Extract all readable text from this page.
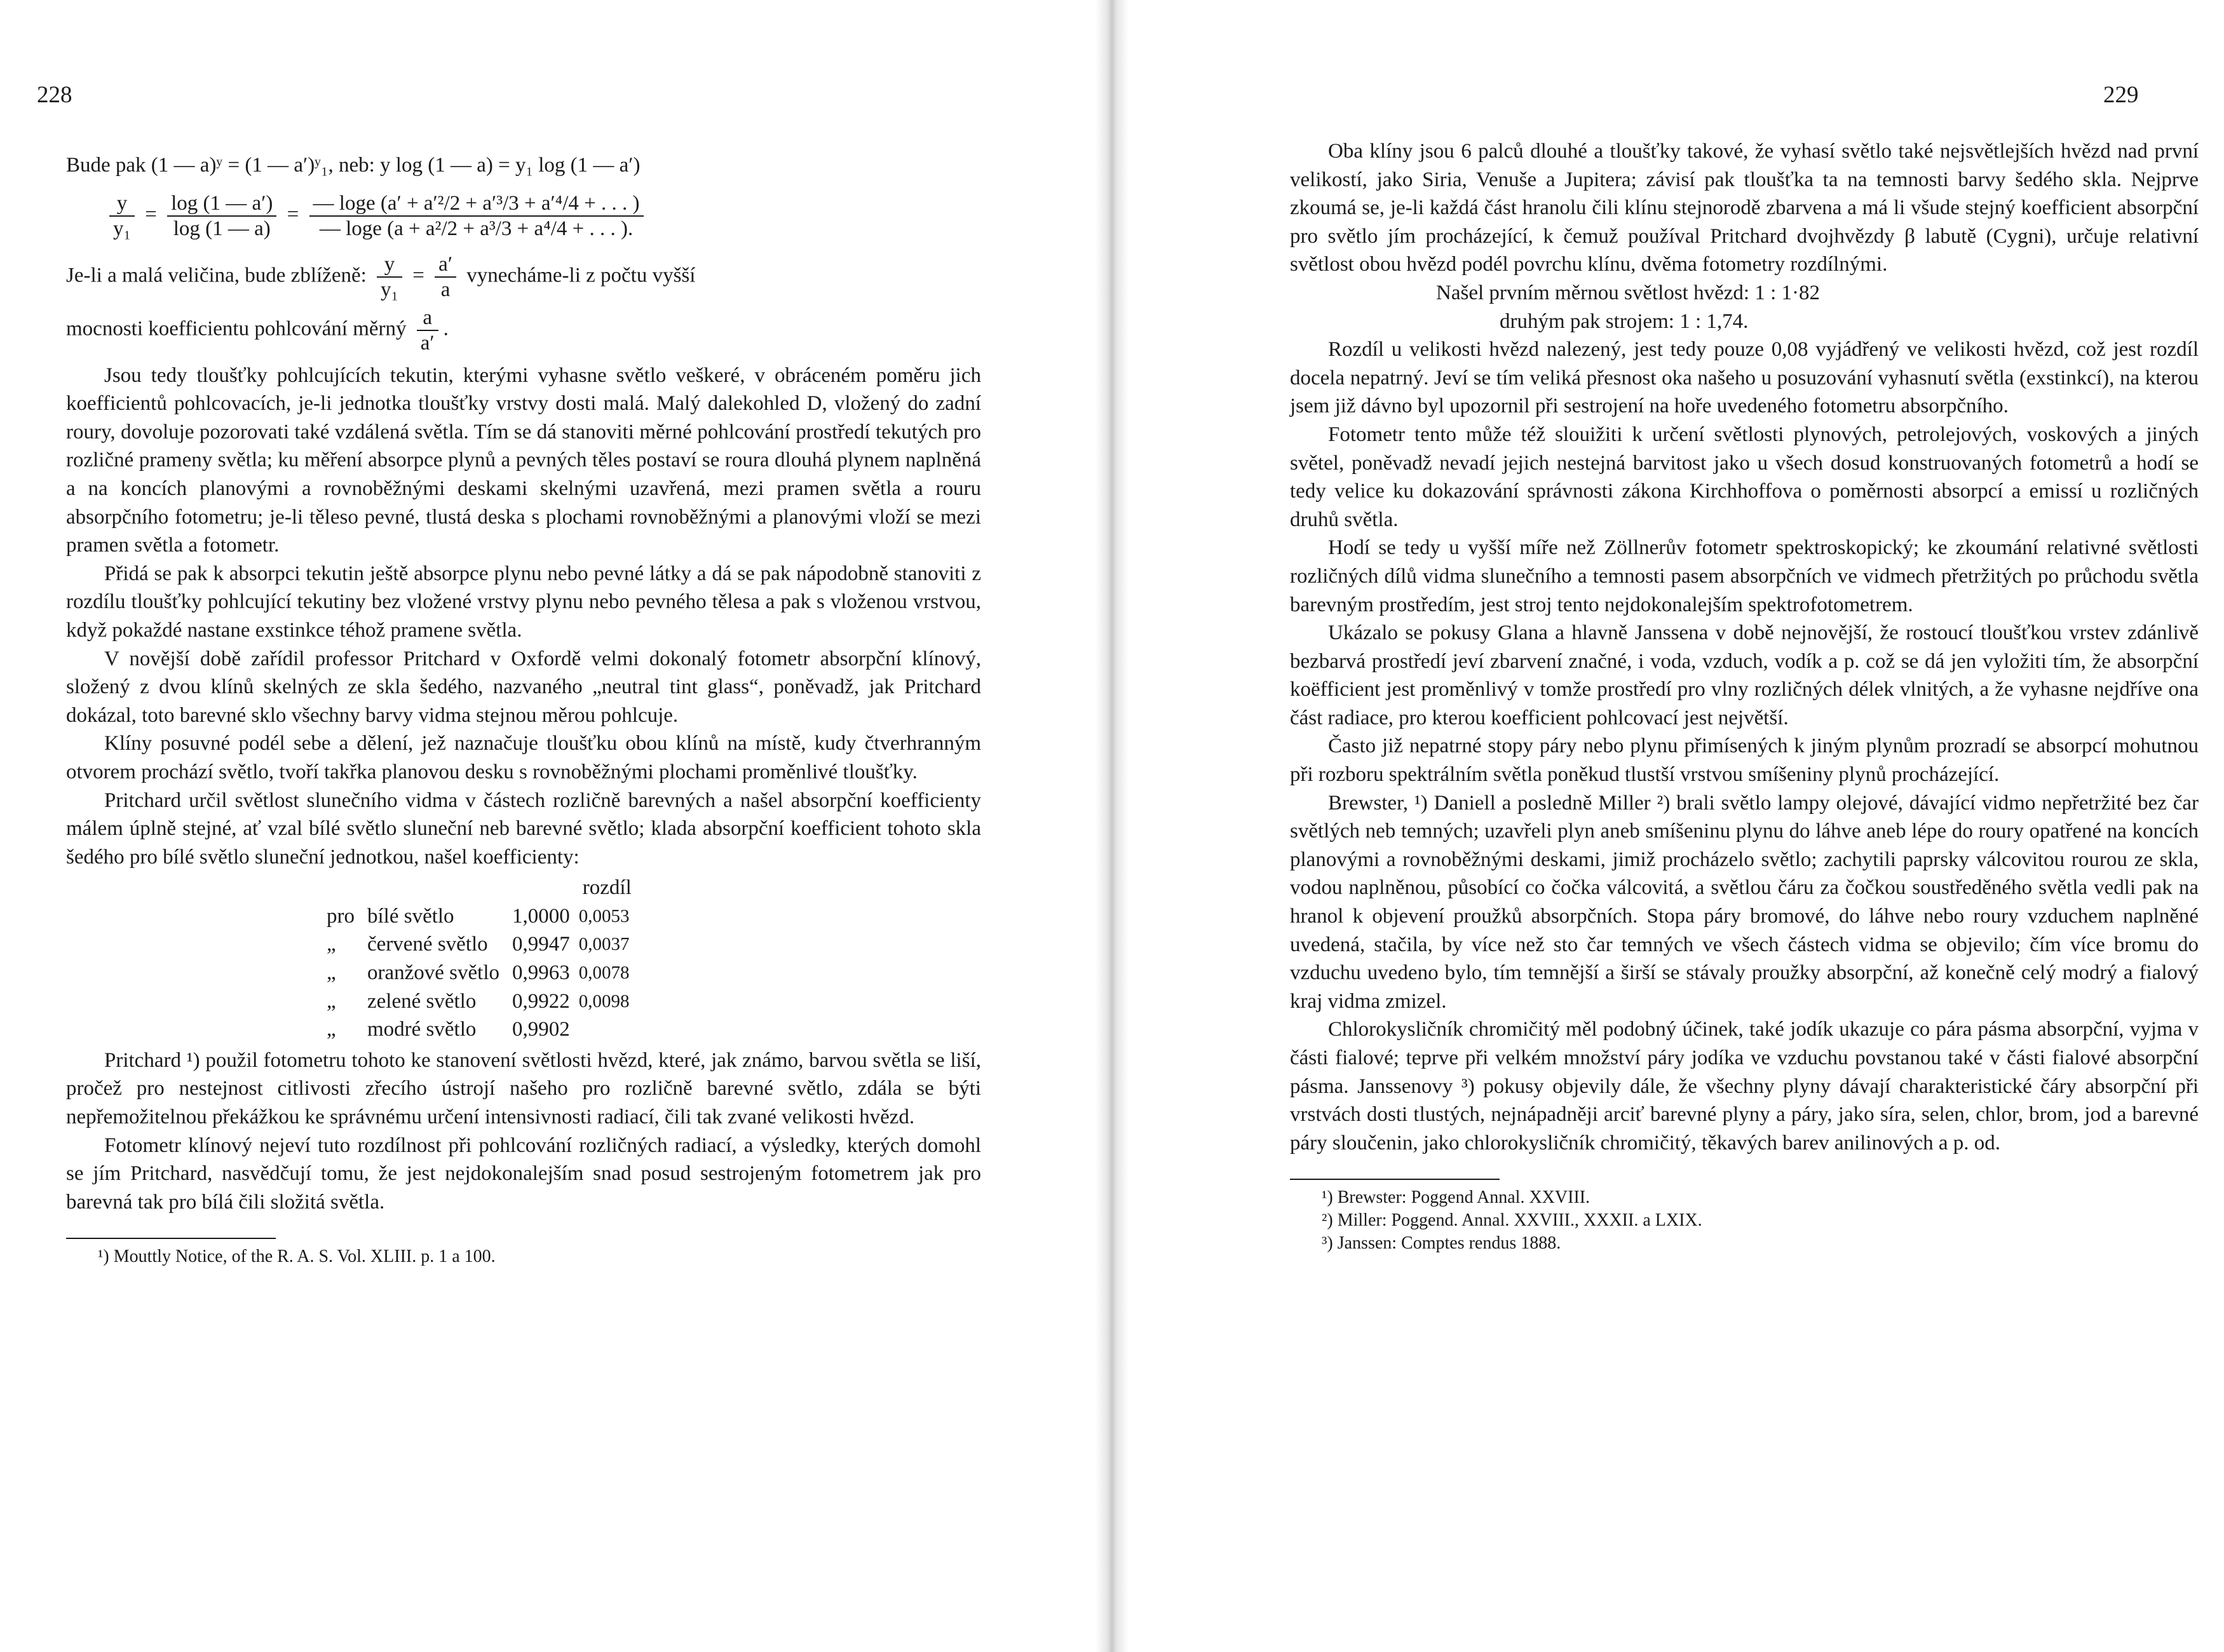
228
Bude pak (1 — a)ʸ = (1 — a′)ʸ₁, neb: y log (1 — a) = y₁ log (1 — a′)
$\frac{y}{\text{y₁}} = \frac{\log (1 — a')}{\log (1 — a)} = \frac{\text{— loge (a′ + a′²/2 + a′³/3 + a′⁴/4 + . . . )}}{\text{— loge (a + a²/2 + a³/3 + a⁴/4 + . . . ).}}$
Je-li a malá veličina, bude zblíženě: $\frac{y}{\text{y₁}} = \frac{a'}{a}$ vynecháme-li z počtu vyšší
mocnosti koefficientu pohlcování měrný $\frac{a}{a'}$ .

Jsou tedy tloušťky pohlcujících tekutin, kterými vyhasne světlo veškeré, v obráceném poměru jich koefficientů pohlcovacích, je-li jednotka tloušťky vrstvy dosti malá. Malý dalekohled D, vložený do zadní roury, dovoluje pozorovati také vzdálená světla. Tím se dá stanoviti měrné pohlcování prostředí tekutých pro rozličné prameny světla; ku měření absorpce plynů a pevných těles postaví se roura dlouhá plynem naplněná a na koncích planovými a rovnoběžnými deskami skelnými uzavřená, mezi pramen světla a rouru absorpčního fotometru; je-li těleso pevné, tlustá deska s plochami rovnoběžnými a planovými vloží se mezi pramen světla a fotometr.

Přidá se pak k absorpci tekutin ještě absorpce plynu nebo pevné látky a dá se pak nápodobně stanoviti z rozdílu tloušťky pohlcující tekutiny bez vložené vrstvy plynu nebo pevného tělesa a pak s vloženou vrstvou, když pokaždé nastane exstinkce téhož pramene světla.

V novější době zařídil professor Pritchard v Oxfordě velmi dokonalý fotometr absorpční klínový, složený z dvou klínů skelných ze skla šedého, nazvaného „neutral tint glass“, poněvadž, jak Pritchard dokázal, toto barevné sklo všechny barvy vidma stejnou měrou pohlcuje.

Klíny posuvné podél sebe a dělení, jež naznačuje tloušťku obou klínů na místě, kudy čtverhranným otvorem prochází světlo, tvoří takřka planovou desku s rovnoběžnými plochami proměnlivé tloušťky.

Pritchard určil světlost slunečního vidma v částech rozličně barevných a našel absorpční koefficienty málem úplně stejné, ať vzal bílé světlo sluneční neb barevné světlo; klada absorpční koefficient tohoto skla šedého pro bílé světlo sluneční jednotkou, našel koefficienty:

			rozdíl
pro	bílé světlo	1,0000	0,0053
„	červené světlo	0,9947	0,0037
„	oranžové světlo	0,9963	0,0078
„	zelené světlo	0,9922	0,0098
„	modré světlo	0,9902	

Pritchard ¹) použil fotometru tohoto ke stanovení světlosti hvězd, které, jak známo, barvou světla se liší, pročež pro nestejnost citlivosti zřecího ústrojí našeho pro rozličně barevné světlo, zdála se býti nepřemožitelnou překážkou ke správnému určení intensivnosti radiací, čili tak zvané velikosti hvězd.

Fotometr klínový nejeví tuto rozdílnost při pohlcování rozličných radiací, a výsledky, kterých domohl se jím Pritchard, nasvědčují tomu, že jest nejdokonalejším snad posud sestrojeným fotometrem jak pro barevná tak pro bílá čili složitá světla.

¹) Mouttly Notice, of the R. A. S. Vol. XLIII. p. 1 a 100.
229

Oba klíny jsou 6 palců dlouhé a tloušťky takové, že vyhasí světlo také nejsvětlejších hvězd nad první velikostí, jako Siria, Venuše a Jupitera; závisí pak tloušťka ta na temnosti barvy šedého skla. Nejprve zkoumá se, je-li každá část hranolu čili klínu stejnorodě zbarvena a má li všude stejný koefficient absorpční pro světlo jím procházející, k čemuž používal Pritchard dvojhvězdy β labutě (Cygni), určuje relativní světlost obou hvězd podél povrchu klínu, dvěma fotometry rozdílnými.

Našel prvním měrnou světlost hvězd: 1 : 1·82
druhým pak strojem: 1 : 1,74.

Rozdíl u velikosti hvězd nalezený, jest tedy pouze 0,08 vyjádřený ve velikosti hvězd, což jest rozdíl docela nepatrný. Jeví se tím veliká přesnost oka našeho u posuzování vyhasnutí světla (exstinkcí), na kterou jsem již dávno byl upozornil při sestrojení na hoře uvedeného fotometru absorpčního.

Fotometr tento může též slouižiti k určení světlosti plynových, petrolejových, voskových a jiných světel, poněvadž nevadí jejich nestejná barvitost jako u všech dosud konstruovaných fotometrů a hodí se tedy velice ku dokazování správnosti zákona Kirchhoffova o poměrnosti absorpcí a emissí u rozličných druhů světla.

Hodí se tedy u vyšší míře než Zöllnerův fotometr spektroskopický; ke zkoumání relativné světlosti rozličných dílů vidma slunečního a temnosti pasem absorpčních ve vidmech přetržitých po průchodu světla barevným prostředím, jest stroj tento nejdokonalejším spektrofotometrem.

Ukázalo se pokusy Glana a hlavně Janssena v době nejnovější, že rostoucí tloušťkou vrstev zdánlivě bezbarvá prostředí jeví zbarvení značné, i voda, vzduch, vodík a p. což se dá jen vyložiti tím, že absorpční koëfficient jest proměnlivý v tomže prostředí pro vlny rozličných délek vlnitých, a že vyhasne nejdříve ona část radiace, pro kterou koefficient pohlcovací jest největší.

Často již nepatrné stopy páry nebo plynu přimísených k jiným plynům prozradí se absorpcí mohutnou při rozboru spektrálním světla poněkud tlustší vrstvou smíšeniny plynů procházející.

Brewster, ¹) Daniell a posledně Miller ²) brali světlo lampy olejové, dávající vidmo nepřetržité bez čar světlých neb temných; uzavřeli plyn aneb smíšeninu plynu do láhve aneb lépe do roury opatřené na koncích planovými a rovnoběžnými deskami, jimiž procházelo světlo; zachytili paprsky válcovitou rourou ze skla, vodou naplněnou, působící co čočka válcovitá, a světlou čáru za čočkou soustředěného světla vedli pak na hranol k objevení proužků absorpčních. Stopa páry bromové, do láhve nebo roury vzduchem naplněné uvedená, stačila, by více než sto čar temných ve všech částech vidma se objevilo; čím více bromu do vzduchu uvedeno bylo, tím temnější a širší se stávaly proužky absorpční, až konečně celý modrý a fialový kraj vidma zmizel.

Chlorokysličník chromičitý měl podobný účinek, také jodík ukazuje co pára pásma absorpční, vyjma v části fialové; teprve při velkém množství páry jodíka ve vzduchu povstanou také v části fialové absorpční pásma. Janssenovy ³) pokusy objevily dále, že všechny plyny dávají charakteristické čáry absorpční při vrstvách dosti tlustých, nejnápadněji arciť barevné plyny a páry, jako síra, selen, chlor, brom, jod a barevné páry sloučenin, jako chlorokysličník chromičitý, těkavých barev anilinových a p. od.

¹) Brewster: Poggend Annal. XXVIII.
²) Miller: Poggend. Annal. XXVIII., XXXII. a LXIX.
³) Janssen: Comptes rendus 1888.
